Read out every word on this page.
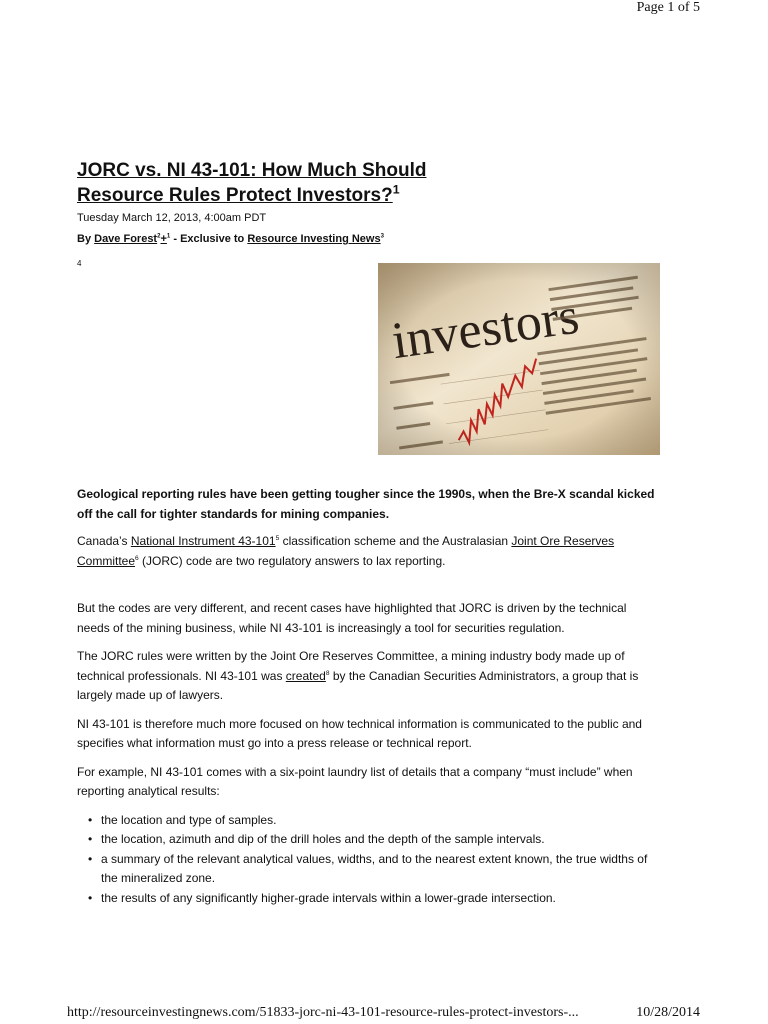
Page 1 of 5
JORC vs. NI 43-101: How Much Should
Resource Rules Protect Investors?$^1$
Tuesday March 12, 2013, 4:00am PDT
By Dave Forest$^2$+$^1$ - Exclusive to Resource Investing News$^3$
4

Geological reporting rules have been getting tougher since the 1990s, when the Bre-X scandal kicked off the call for tighter standards for mining companies.

Canada’s National Instrument $43-101^5$ classification scheme and the Australasian Joint Ore Reserves Committee$^6$ (JORC) code are two regulatory answers to lax reporting.

But the codes are very different, and recent cases have highlighted that JORC is driven by the technical needs of the mining business, while NI 43-101 is increasingly a tool for securities regulation.

The JORC rules were written by the Joint Ore Reserves Committee, a mining industry body made up of technical professionals. NI 43-101 was created$^8$ by the Canadian Securities Administrators, a group that is largely made up of lawyers.

NI 43-101 is therefore much more focused on how technical information is communicated to the public and specifies what information must go into a press release or technical report.

For example, NI 43-101 comes with a six-point laundry list of details that a company “must include” when reporting analytical results:

• the location and type of samples.
• the location, azimuth and dip of the drill holes and the depth of the sample intervals.
• a summary of the relevant analytical values, widths, and to the nearest extent known, the true widths of the mineralized zone.
• the results of any significantly higher-grade intervals within a lower-grade intersection.
http://resourceinvestingnews.com/51833-jorc-ni-43-101-resource-rules-protect-investors-...	10/28/2014
